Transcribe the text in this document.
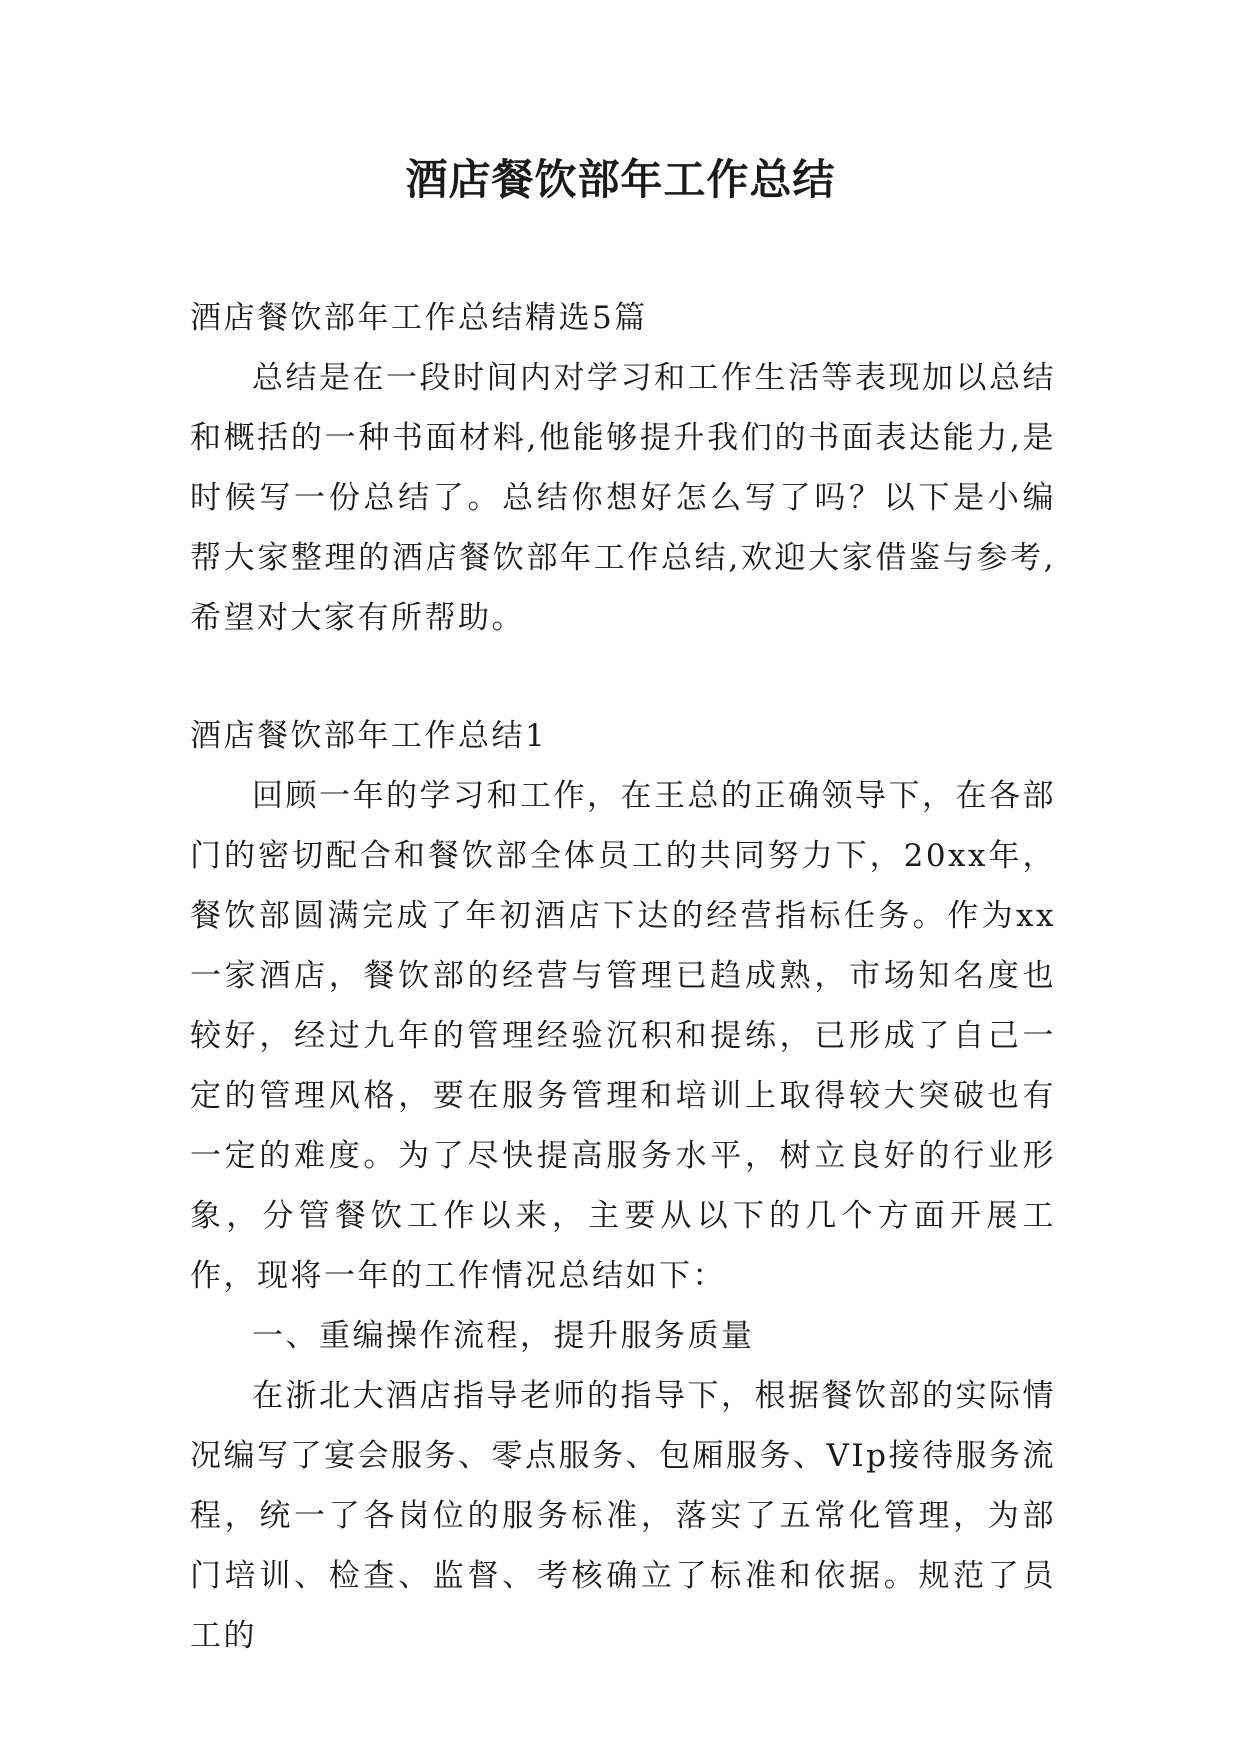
酒店餐饮部年工作总结

酒店餐饮部年工作总结精选5篇

总结是在一段时间内对学习和工作生活等表现加以总结和概括的一种书面材料,他能够提升我们的书面表达能力,是时候写一份总结了。总结你想好怎么写了吗？以下是小编帮大家整理的酒店餐饮部年工作总结,欢迎大家借鉴与参考,希望对大家有所帮助。

酒店餐饮部年工作总结1

回顾一年的学习和工作，在王总的正确领导下，在各部门的密切配合和餐饮部全体员工的共同努力下，20xx年，餐饮部圆满完成了年初酒店下达的经营指标任务。作为xx一家酒店，餐饮部的经营与管理已趋成熟，市场知名度也较好，经过九年的管理经验沉积和提练，已形成了自己一定的管理风格，要在服务管理和培训上取得较大突破也有一定的难度。为了尽快提高服务水平，树立良好的行业形象，分管餐饮工作以来，主要从以下的几个方面开展工作，现将一年的工作情况总结如下：

一、重编操作流程，提升服务质量

在浙北大酒店指导老师的指导下，根据餐饮部的实际情况编写了宴会服务、零点服务、包厢服务、VIp接待服务流程，统一了各岗位的服务标准，落实了五常化管理，为部门培训、检查、监督、考核确立了标准和依据。规范了员工的
